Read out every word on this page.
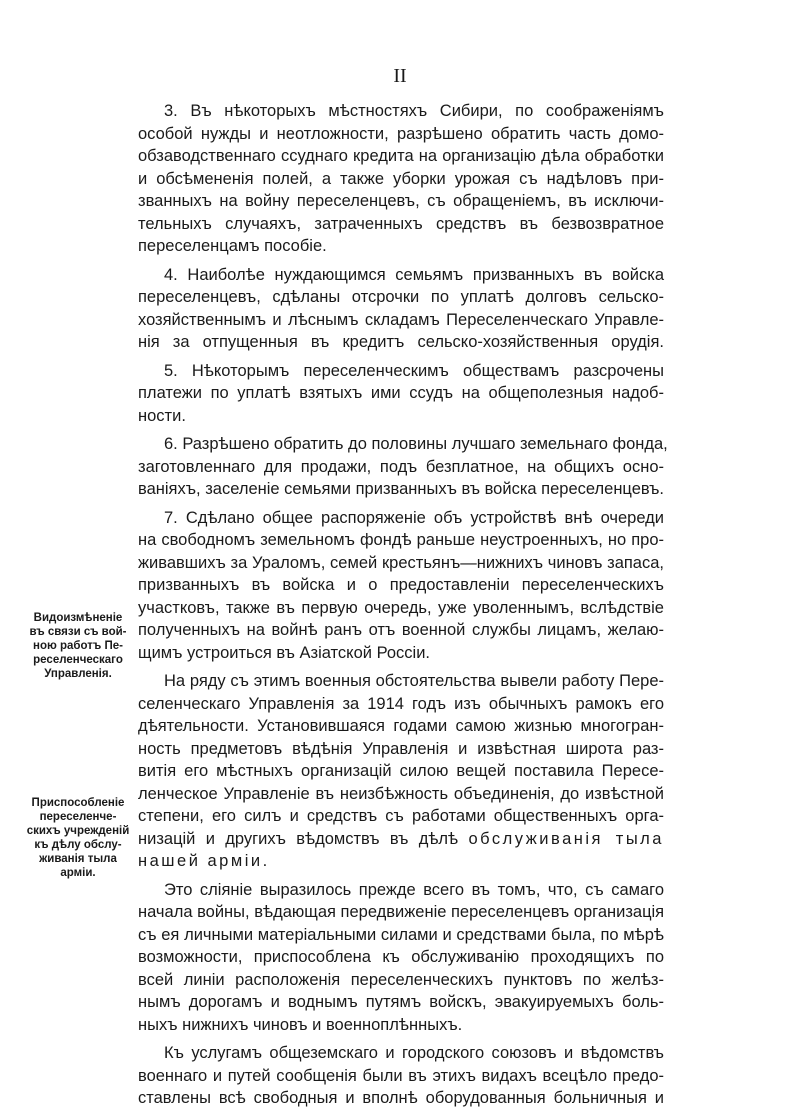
II

3. Въ нѣкоторыхъ мѣстностяхъ Сибири, по соображеніямъ
особой нужды и неотложности, разрѣшено обратить часть домо-
обзаводственнаго ссуднаго кредита на организацію дѣла обработки
и обсѣмененія полей, а также уборки урожая съ надѣловъ при-
званныхъ на войну переселенцевъ, съ обращеніемъ, въ исключи-
тельныхъ случаяхъ, затраченныхъ средствъ въ безвозвратное
переселенцамъ пособіе.

4. Наиболѣе нуждающимся семьямъ призванныхъ въ войска
переселенцевъ, сдѣланы отсрочки по уплатѣ долговъ сельско-
хозяйственнымъ и лѣснымъ складамъ Переселенческаго Управле-
нія за отпущенныя въ кредитъ сельско-хозяйственныя орудія.

5. Нѣкоторымъ переселенческимъ обществамъ разсрочены
платежи по уплатѣ взятыхъ ими ссудъ на общеполезныя надоб-
ности.

6. Разрѣшено обратить до половины лучшаго земельнаго фонда,
заготовленнаго для продажи, подъ безплатное, на общихъ осно-
ваніяхъ, заселеніе семьями призванныхъ въ войска переселенцевъ.

7. Сдѣлано общее распоряженіе объ устройствѣ внѣ очереди
на свободномъ земельномъ фондѣ раньше неустроенныхъ, но про-
живавшихъ за Ураломъ, семей крестьянъ—нижнихъ чиновъ запаса,
призванныхъ въ войска и о предоставленіи переселенческихъ
участковъ, также въ первую очередь, уже уволеннымъ, вслѣдствіе
полученныхъ на войнѣ ранъ отъ военной службы лицамъ, желаю-
щимъ устроиться въ Азіатской Россіи.

На ряду съ этимъ военныя обстоятельства вывели работу Пере-
селенческаго Управленія за 1914 годъ изъ обычныхъ рамокъ его
дѣятельности. Установившаяся годами самою жизнью многогран-
ность предметовъ вѣдѣнія Управленія и извѣстная широта раз-
витія его мѣстныхъ организацій силою вещей поставила Пересе-
ленческое Управленіе въ неизбѣжность объединенія, до извѣстной
степени, его силъ и средствъ съ работами общественныхъ орга-
низацій и другихъ вѣдомствъ въ дѣлѣ обслуживанія тыла
нашей арміи.

Это сліяніе выразилось прежде всего въ томъ, что, съ самаго
начала войны, вѣдающая передвиженіе переселенцевъ организація
съ ея личными матеріальными силами и средствами была, по мѣрѣ
возможности, приспособлена къ обслуживанію проходящихъ по
всей линіи расположенія переселенческихъ пунктовъ по желѣз-
нымъ дорогамъ и воднымъ путямъ войскъ, эвакуируемыхъ боль-
ныхъ нижнихъ чиновъ и военноплѣнныхъ.

Къ услугамъ общеземскаго и городского союзовъ и вѣдомствъ
военнаго и путей сообщенія были въ этихъ видахъ всецѣло предо-
ставлены всѣ свободныя и вполнѣ оборудованныя больничныя и

Видоизмѣненіе
въ связи съ вой-
ною работъ Пе-
реселенческаго
Управленія.
Приспособленіе
переселенче-
скихъ учрежденій
къ дѣлу обслу-
живанія тыла
арміи.
